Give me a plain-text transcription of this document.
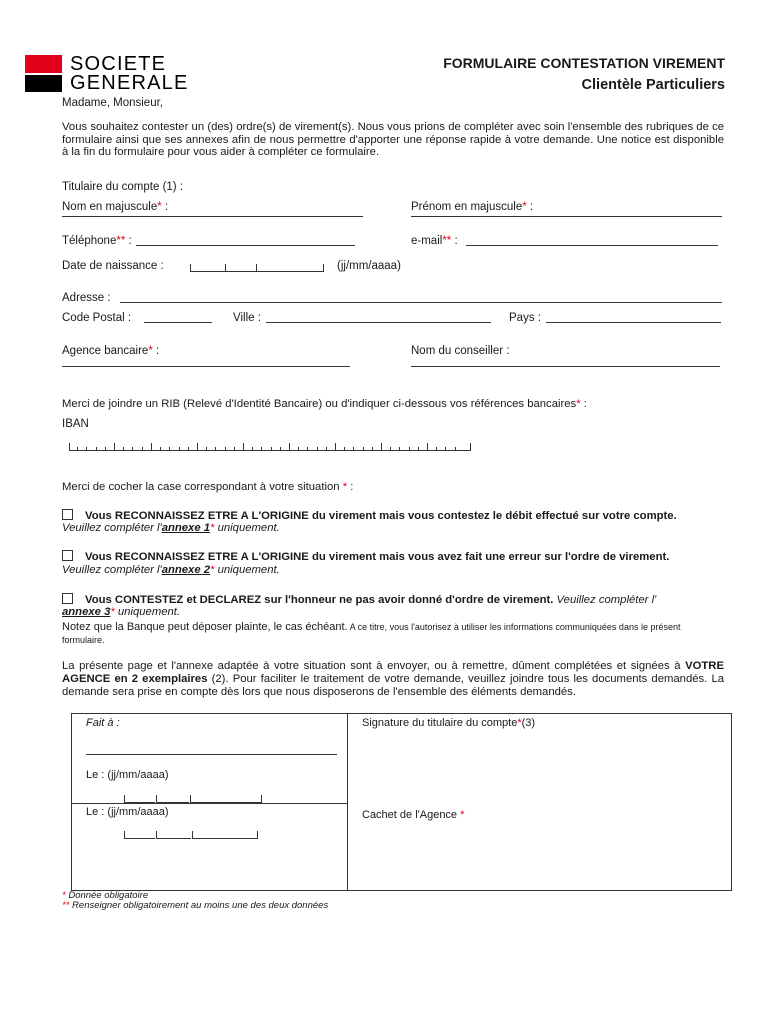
SOCIETE
GENERALE
FORMULAIRE CONTESTATION VIREMENT
Clientèle Particuliers
Madame, Monsieur,
Vous souhaitez contester un (des) ordre(s) de virement(s). Nous vous prions de compléter avec soin l'ensemble des rubriques de ce formulaire ainsi que ses annexes afin de nous permettre d'apporter une réponse rapide à votre demande. Une notice est disponible à la fin du formulaire pour vous aider à compléter ce formulaire.
Titulaire du compte (1) :
Nom en majuscule* :	Prénom en majuscule* :
Téléphone** :	e-mail** :
Date de naissance :	(jj/mm/aaaa)
Adresse :
Code Postal :	Ville :	Pays :
Agence bancaire* :	Nom du conseiller :
Merci de joindre un RIB (Relevé d'Identité Bancaire) ou d'indiquer ci-dessous vos références bancaires* :
IBAN
Merci de cocher la case correspondant à votre situation * :
Vous RECONNAISSEZ ETRE A L'ORIGINE du virement mais vous contestez le débit effectué sur votre compte.
Veuillez compléter l'annexe 1* uniquement.
Vous RECONNAISSEZ ETRE A L'ORIGINE du virement mais vous avez fait une erreur sur l'ordre de virement.
Veuillez compléter l'annexe 2* uniquement.
Vous CONTESTEZ et DECLAREZ sur l'honneur ne pas avoir donné d'ordre de virement. Veuillez compléter l'
annexe 3* uniquement.
Notez que la Banque peut déposer plainte, le cas échéant. A ce titre, vous l'autorisez à utiliser les informations communiquées dans le présent formulaire.
La présente page et l'annexe adaptée à votre situation sont à envoyer, ou à remettre, dûment complétées et signées à VOTRE AGENCE en 2 exemplaires (2). Pour faciliter le traitement de votre demande, veuillez joindre tous les documents demandés. La demande sera prise en compte dès lors que nous disposerons de l'ensemble des éléments demandés.
Fait à :
Le : (jj/mm/aaaa)
Le : (jj/mm/aaaa)
Signature du titulaire du compte*(3)
Cachet de l'Agence *
* Donnée obligatoire
** Renseigner obligatoirement au moins une des deux données
